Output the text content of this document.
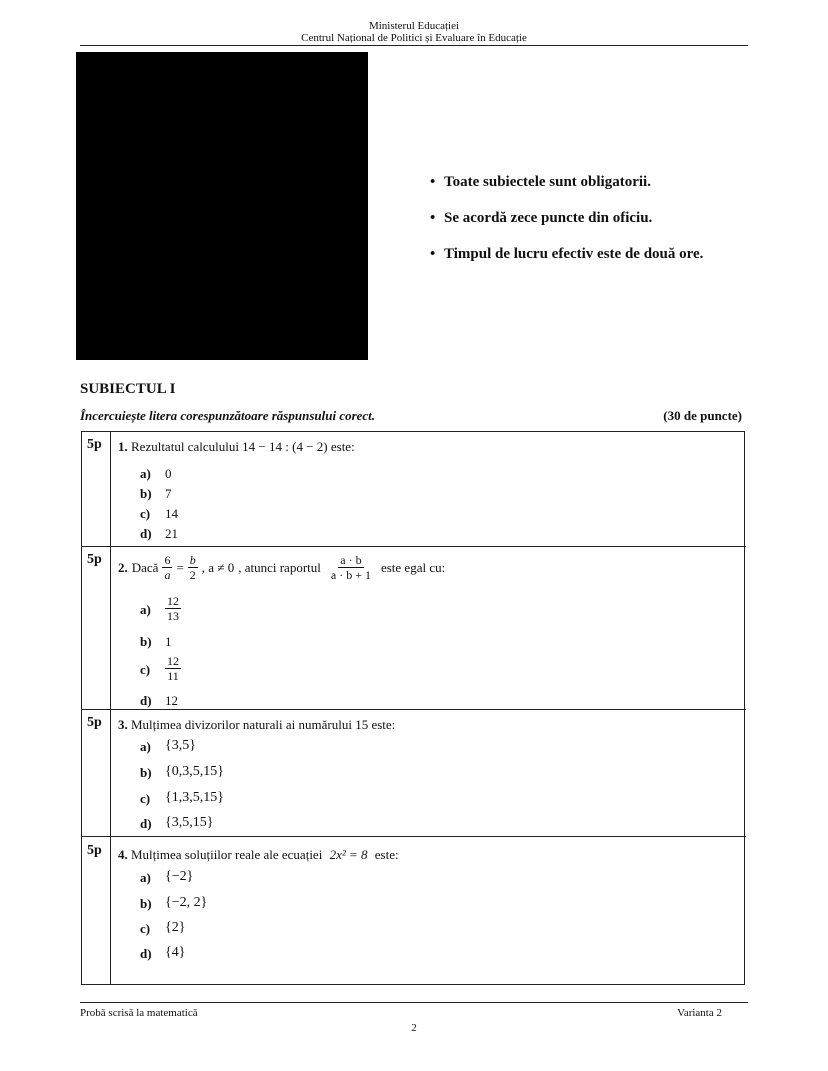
Ministerul Educației
Centrul Național de Politici și Evaluare în Educație
• Toate subiectele sunt obligatorii.
• Se acordă zece puncte din oficiu.
• Timpul de lucru efectiv este de două ore.
SUBIECTUL I
Încercuiește litera corespunzătoare răspunsului corect.	(30 de puncte)
5p 1. Rezultatul calculului 14 − 14 : (4 − 2) este:
a) 0
b) 7
c) 14
d) 21
5p 2. Dacă $\frac{6}{a} = \frac{b}{2}$ , a ≠ 0 , atunci raportul $\frac{a \cdot b}{a \cdot b + 1}$ este egal cu:
$a) \frac{12}{13}$
b) 1
$c) \frac{12}{11}$
d) 12
5p 3. Mulțimea divizorilor naturali ai numărului 15 este:
a) {3,5}
b) {0,3,5,15}
c) {1,3,5,15}
d) {3,5,15}
5p 4. Mulțimea soluțiilor reale ale ecuației 2x² = 8 este:
a) {−2}
b) {−2, 2}
c) {2}
d) {4}
Probă scrisă la matematică	Varianta 2
2
